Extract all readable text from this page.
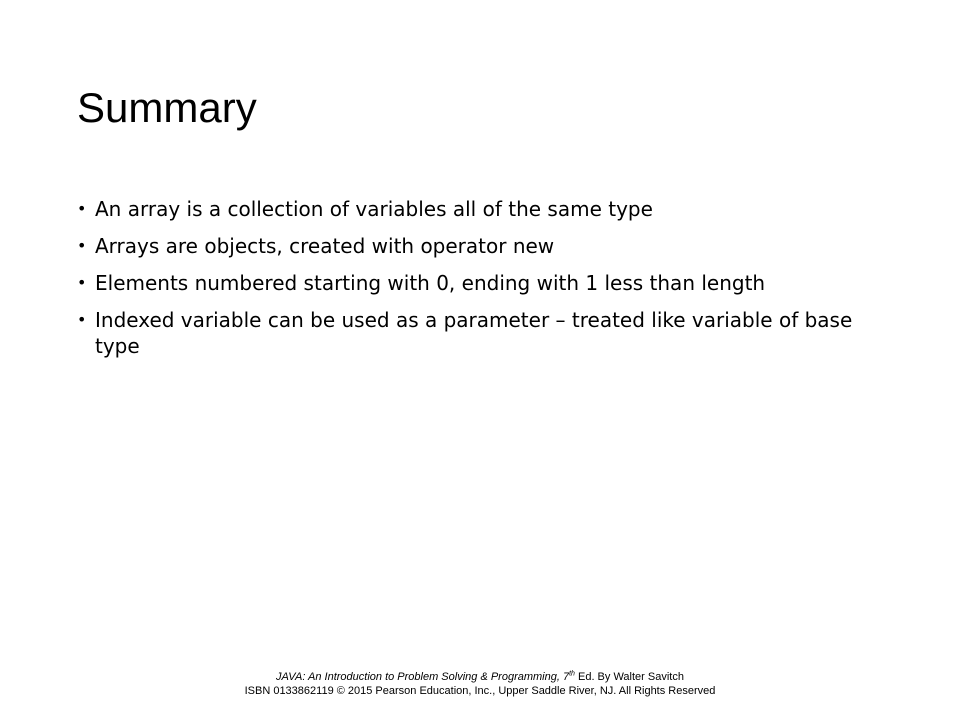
Summary
• An array is a collection of variables all of the same type
• Arrays are objects, created with operator new
• Elements numbered starting with 0, ending with 1 less than length
• Indexed variable can be used as a parameter – treated like variable of base type
JAVA: An Introduction to Problem Solving & Programming, 7th Ed. By Walter Savitch
ISBN 0133862119 © 2015 Pearson Education, Inc., Upper Saddle River, NJ. All Rights Reserved
